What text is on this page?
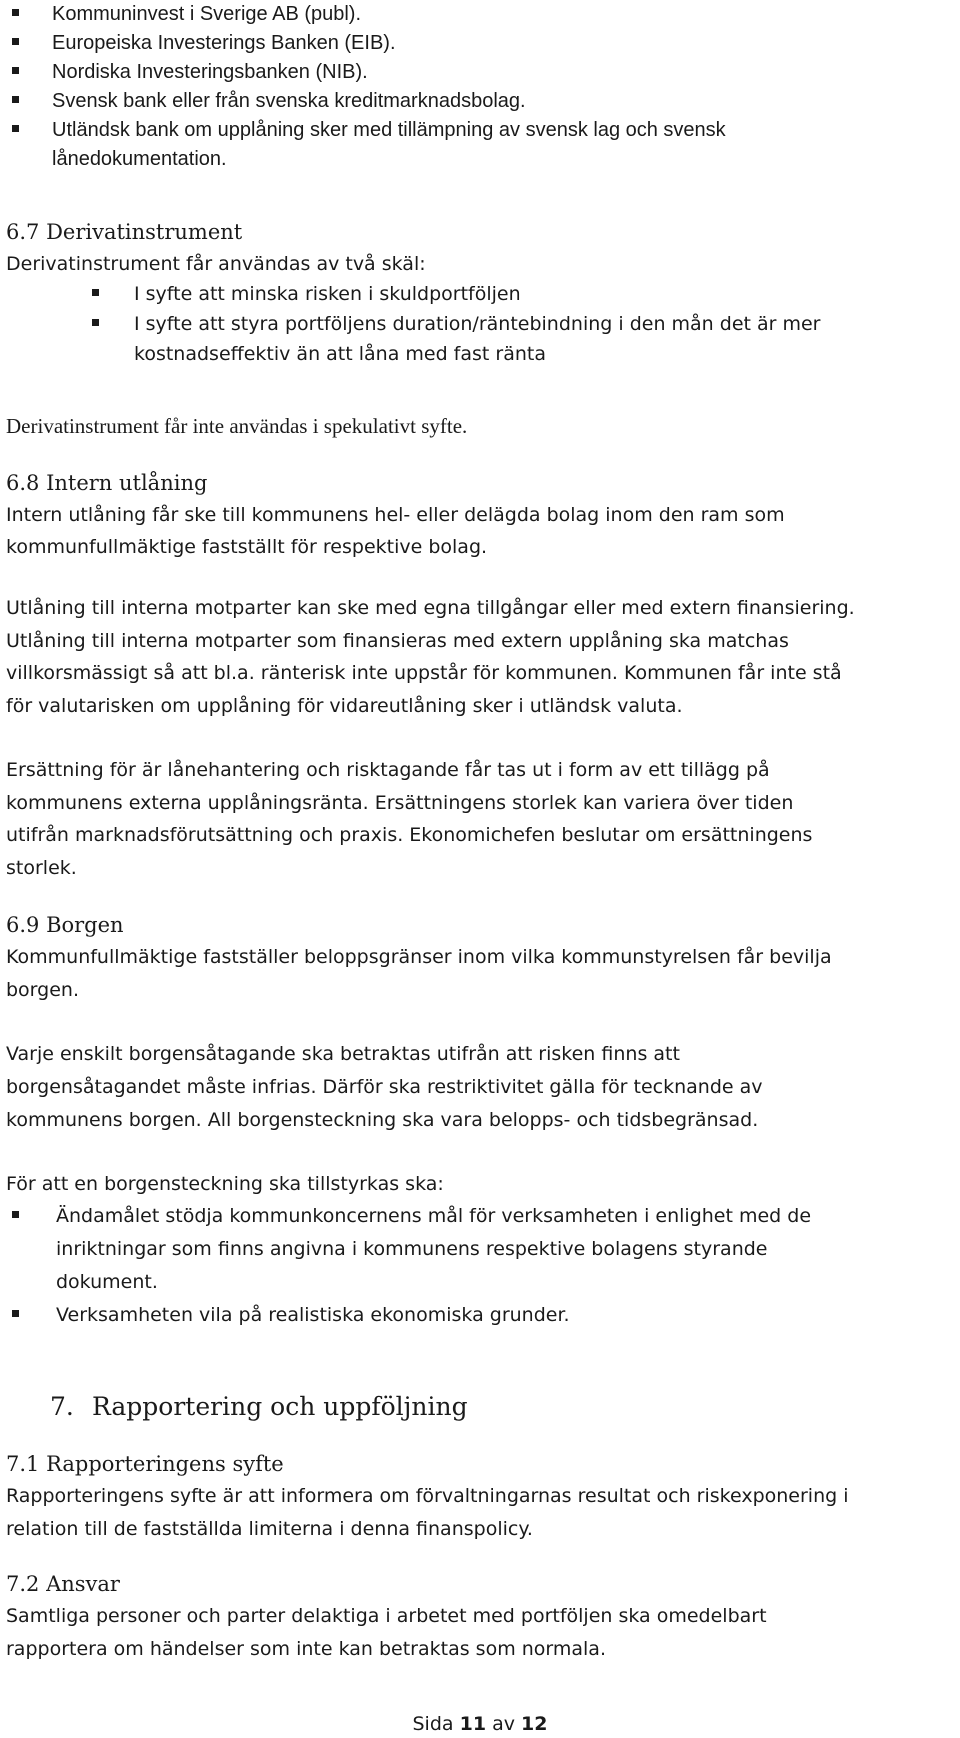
Kommuninvest i Sverige AB (publ).
Europeiska Investerings Banken (EIB).
Nordiska Investeringsbanken (NIB).
Svensk bank eller från svenska kreditmarknadsbolag.
Utländsk bank om upplåning sker med tillämpning av svensk lag och svensk
lånedokumentation.
6.7 Derivatinstrument
Derivatinstrument får användas av två skäl:
I syfte att minska risken i skuldportföljen
I syfte att styra portföljens duration/räntebindning i den mån det är mer
kostnadseffektiv än att låna med fast ränta
Derivatinstrument får inte användas i spekulativt syfte.
6.8 Intern utlåning
Intern utlåning får ske till kommunens hel- eller delägda bolag inom den ram som
kommunfullmäktige fastställt för respektive bolag.
Utlåning till interna motparter kan ske med egna tillgångar eller med extern finansiering.
Utlåning till interna motparter som finansieras med extern upplåning ska matchas
villkorsmässigt så att bl.a. ränterisk inte uppstår för kommunen. Kommunen får inte stå
för valutarisken om upplåning för vidareutlåning sker i utländsk valuta.
Ersättning för är lånehantering och risktagande får tas ut i form av ett tillägg på
kommunens externa upplåningsränta. Ersättningens storlek kan variera över tiden
utifrån marknadsförutsättning och praxis. Ekonomichefen beslutar om ersättningens
storlek.
6.9 Borgen
Kommunfullmäktige fastställer beloppsgränser inom vilka kommunstyrelsen får bevilja
borgen.
Varje enskilt borgensåtagande ska betraktas utifrån att risken finns att
borgensåtagandet måste infrias. Därför ska restriktivitet gälla för tecknande av
kommunens borgen. All borgensteckning ska vara belopps- och tidsbegränsad.
För att en borgensteckning ska tillstyrkas ska:
Ändamålet stödja kommunkoncernens mål för verksamheten i enlighet med de
inriktningar som finns angivna i kommunens respektive bolagens styrande
dokument.
Verksamheten vila på realistiska ekonomiska grunder.
7. Rapportering och uppföljning
7.1 Rapporteringens syfte
Rapporteringens syfte är att informera om förvaltningarnas resultat och riskexponering i
relation till de fastställda limiterna i denna finanspolicy.
7.2 Ansvar
Samtliga personer och parter delaktiga i arbetet med portföljen ska omedelbart
rapportera om händelser som inte kan betraktas som normala.
Sida 11 av 12
